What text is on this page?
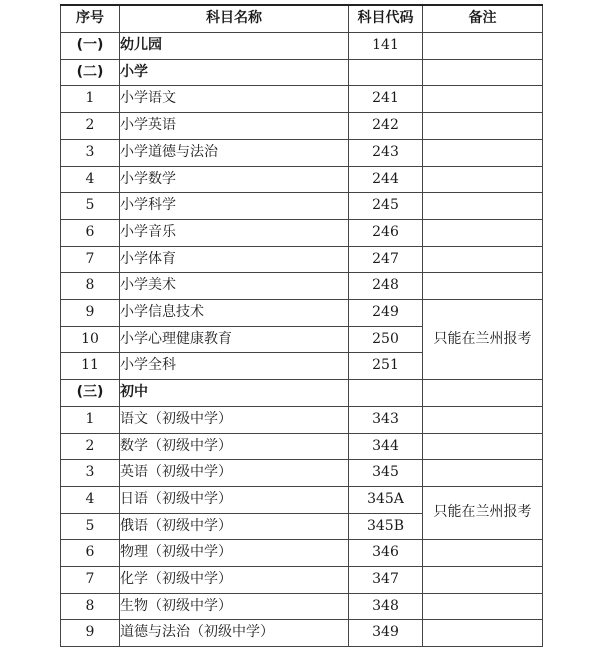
序号	科目名称	科目代码	备注
(一)	幼儿园	141	
(二)	小学		
1	小学语文	241	
2	小学英语	242	
3	小学道德与法治	243	
4	小学数学	244	
5	小学科学	245	
6	小学音乐	246	
7	小学体育	247	
8	小学美术	248	
9	小学信息技术	249	只能在兰州报考
10	小学心理健康教育	250	
11	小学全科	251	
(三)	初中		
1	语文（初级中学）	343	
2	数学（初级中学）	344	
3	英语（初级中学）	345	
4	日语（初级中学）	345A	只能在兰州报考
5	俄语（初级中学）	345B	
6	物理（初级中学）	346	
7	化学（初级中学）	347	
8	生物（初级中学）	348	
9	道德与法治（初级中学）	349	
